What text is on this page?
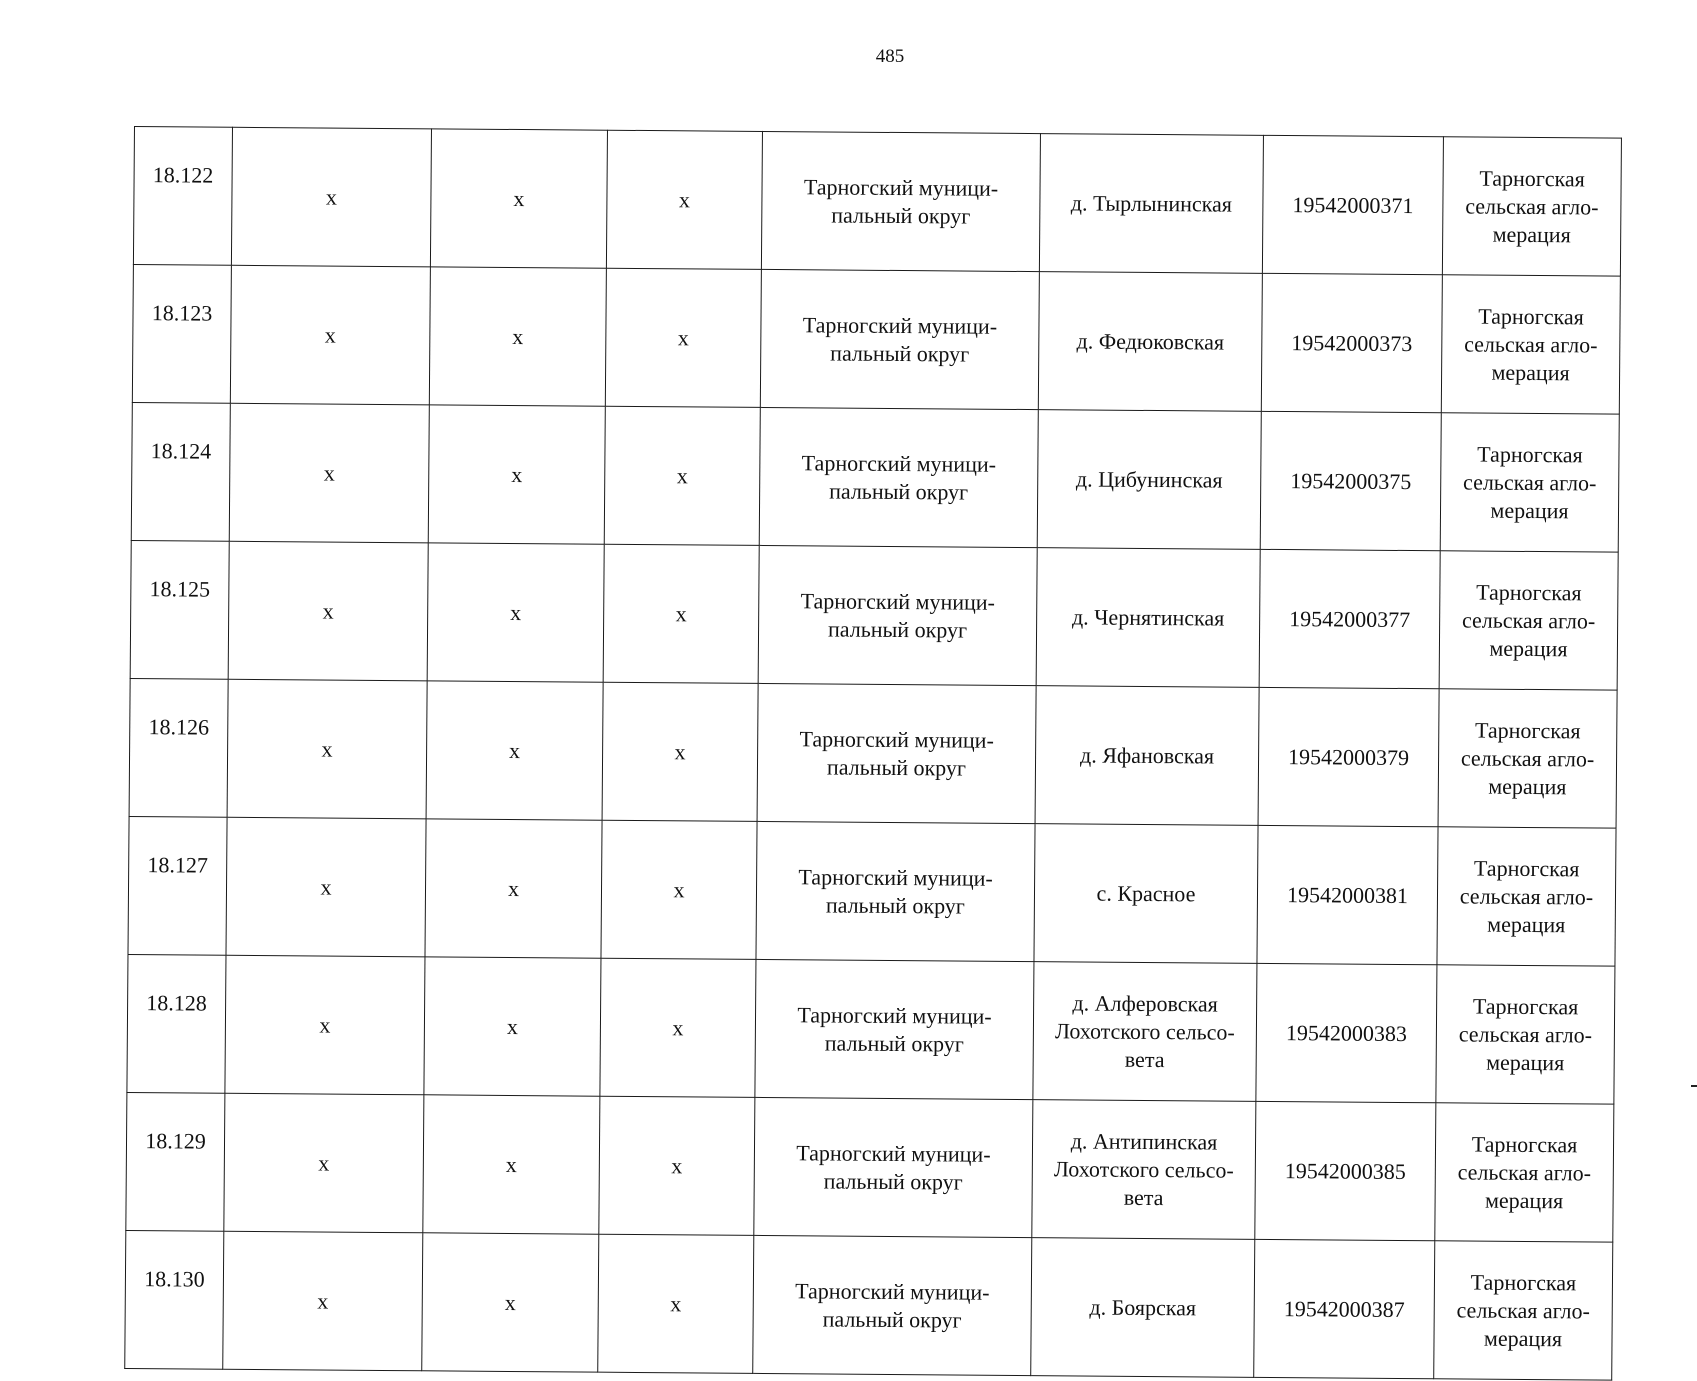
485
18.122	х	х	х	Тарногский муници-пальный округ	д. Тырлынинская	19542000371	Тарногская сельская агло-мерация
18.123	х	х	х	Тарногский муници-пальный округ	д. Федюковская	19542000373	Тарногская сельская агло-мерация
18.124	х	х	х	Тарногский муници-пальный округ	д. Цибунинская	19542000375	Тарногская сельская агло-мерация
18.125	х	х	х	Тарногский муници-пальный округ	д. Чернятинская	19542000377	Тарногская сельская агло-мерация
18.126	х	х	х	Тарногский муници-пальный округ	д. Яфановская	19542000379	Тарногская сельская агло-мерация
18.127	х	х	х	Тарногский муници-пальный округ	с. Красное	19542000381	Тарногская сельская агло-мерация
18.128	х	х	х	Тарногский муници-пальный округ	д. Алферовская Лохотского сельсо-вета	19542000383	Тарногская сельская агло-мерация
18.129	х	х	х	Тарногский муници-пальный округ	д. Антипинская Лохотского сельсо-вета	19542000385	Тарногская сельская агло-мерация
18.130	х	х	х	Тарногский муници-пальный округ	д. Боярская	19542000387	Тарногская сельская агло-мерация
